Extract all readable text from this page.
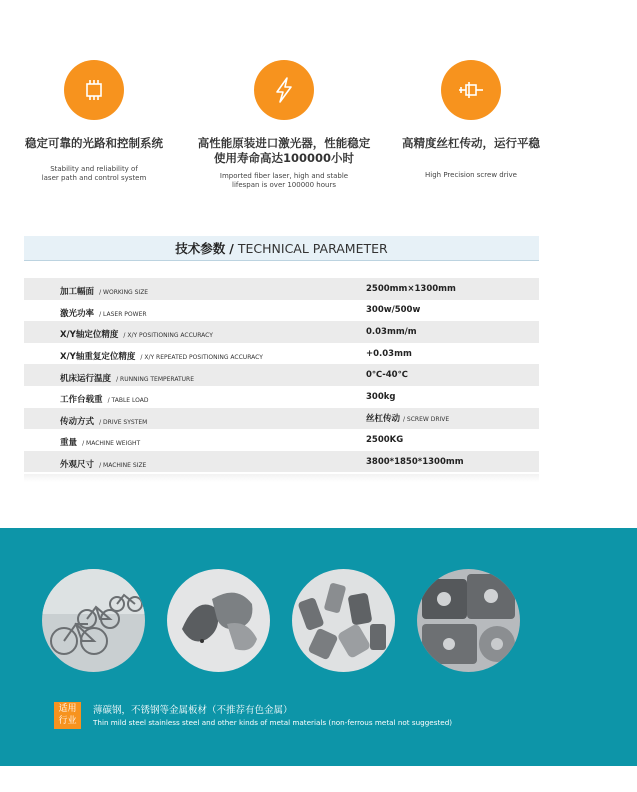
稳定可靠的光路和控制系统
Stability and reliability of
laser path and control system
高性能原装进口激光器，性能稳定
使用寿命高达100000小时
Imported fiber laser, high and stable
lifespan is over 100000 hours
高精度丝杠传动，运行平稳
High Precision screw drive
技术参数 / TECHNICAL PARAMETER
加工幅面 / WORKING SIZE	2500mm×1300mm
激光功率 / LASER POWER	300w/500w
X/Y轴定位精度 / X/Y POSITIONING ACCURACY	0.03mm/m
X/Y轴重复定位精度 / X/Y REPEATED POSITIONING ACCURACY	+0.03mm
机床运行温度 / RUNNING TEMPERATURE	0℃-40℃
工作台载重 / TABLE LOAD	300kg
传动方式 / DRIVE SYSTEM	丝杠传动 / SCREW DRIVE
重量 / MACHINE WEIGHT	2500KG
外观尺寸 / MACHINE SIZE	3800*1850*1300mm
适用
行业
薄碳钢，不锈钢等金属板材（不推荐有色金属）
Thin mild steel stainless steel and other kinds of metal materials (non-ferrous metal not suggested)
